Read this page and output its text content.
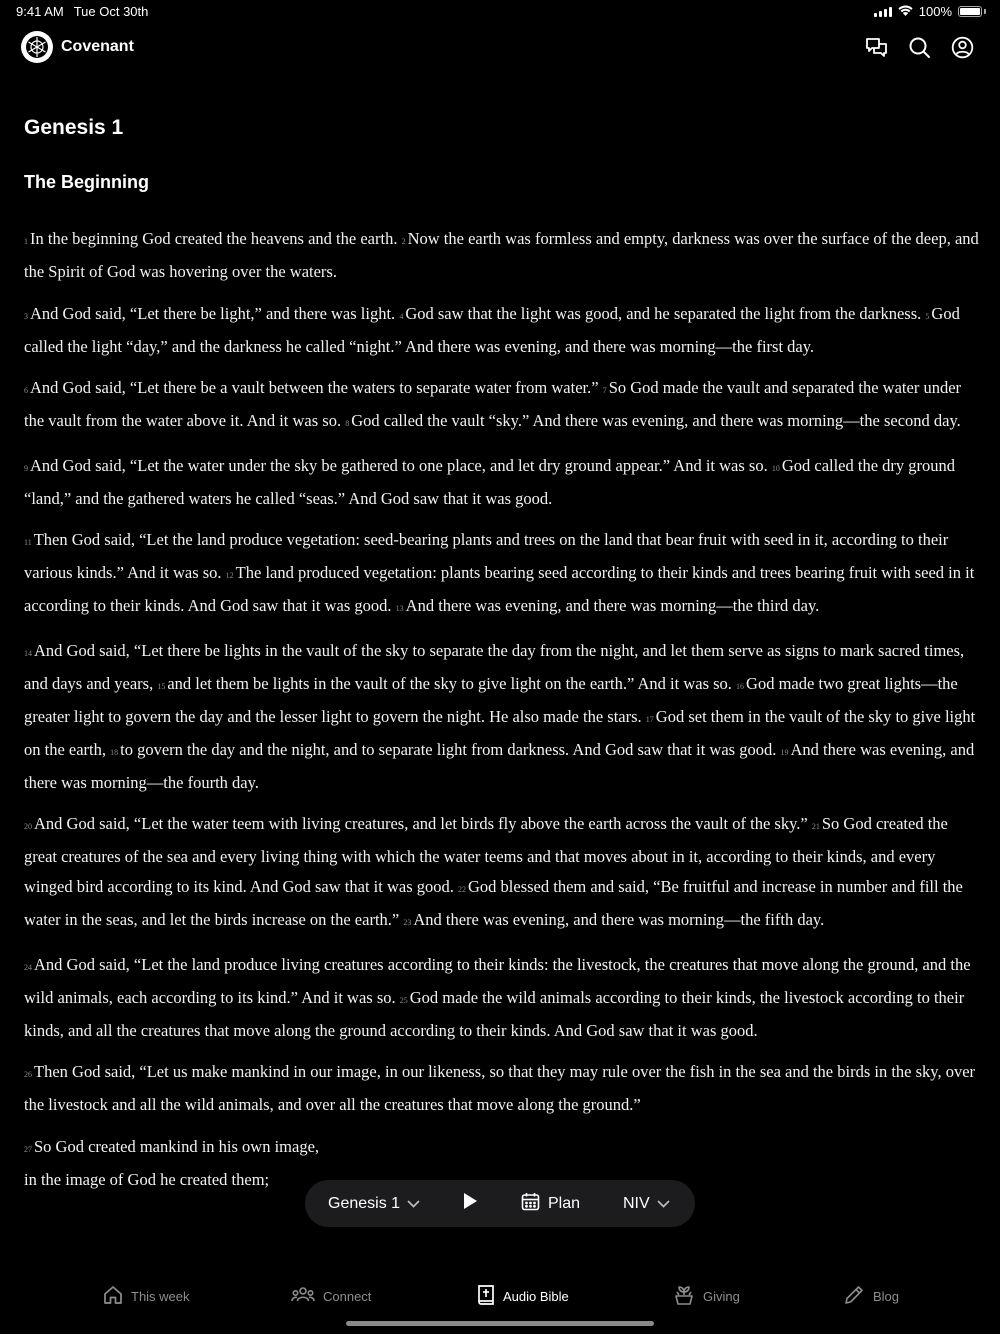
9:41 AM Tue Oct 30th	100%
Covenant
Genesis 1
The Beginning

1 In the beginning God created the heavens and the earth. 2 Now the earth was formless and empty, darkness was over the surface of the deep, and the Spirit of God was hovering over the waters.

3 And God said, “Let there be light,” and there was light. 4 God saw that the light was good, and he separated the light from the darkness. 5 God called the light “day,” and the darkness he called “night.” And there was evening, and there was morning—the first day.

6 And God said, “Let there be a vault between the waters to separate water from water.” 7 So God made the vault and separated the water under the vault from the water above it. And it was so. 8 God called the vault “sky.” And there was evening, and there was morning—the second day.

9 And God said, “Let the water under the sky be gathered to one place, and let dry ground appear.” And it was so. 10 God called the dry ground “land,” and the gathered waters he called “seas.” And God saw that it was good.

11 Then God said, “Let the land produce vegetation: seed-bearing plants and trees on the land that bear fruit with seed in it, according to their various kinds.” And it was so. 12 The land produced vegetation: plants bearing seed according to their kinds and trees bearing fruit with seed in it according to their kinds. And God saw that it was good. 13 And there was evening, and there was morning—the third day.

14 And God said, “Let there be lights in the vault of the sky to separate the day from the night, and let them serve as signs to mark sacred times, and days and years, 15 and let them be lights in the vault of the sky to give light on the earth.” And it was so. 16 God made two great lights—the greater light to govern the day and the lesser light to govern the night. He also made the stars. 17 God set them in the vault of the sky to give light on the earth, 18 to govern the day and the night, and to separate light from darkness. And God saw that it was good. 19 And there was evening, and there was morning—the fourth day.

20 And God said, “Let the water teem with living creatures, and let birds fly above the earth across the vault of the sky.” 21 So God created the great creatures of the sea and every living thing with which the water teems and that moves about in it, according to their kinds, and every winged bird according to its kind. And God saw that it was good. 22 God blessed them and said, “Be fruitful and increase in number and fill the water in the seas, and let the birds increase on the earth.” 23 And there was evening, and there was morning—the fifth day.

24 And God said, “Let the land produce living creatures according to their kinds: the livestock, the creatures that move along the ground, and the wild animals, each according to its kind.” And it was so. 25 God made the wild animals according to their kinds, the livestock according to their kinds, and all the creatures that move along the ground according to their kinds. And God saw that it was good.

26 Then God said, “Let us make mankind in our image, in our likeness, so that they may rule over the fish in the sea and the birds in the sky, over the livestock and all the wild animals, and over all the creatures that move along the ground.”

27 So God created mankind in his own image,
in the image of God he created them;

Genesis 1	Plan	NIV
This week	Connect	Audio Bible	Giving	Blog
